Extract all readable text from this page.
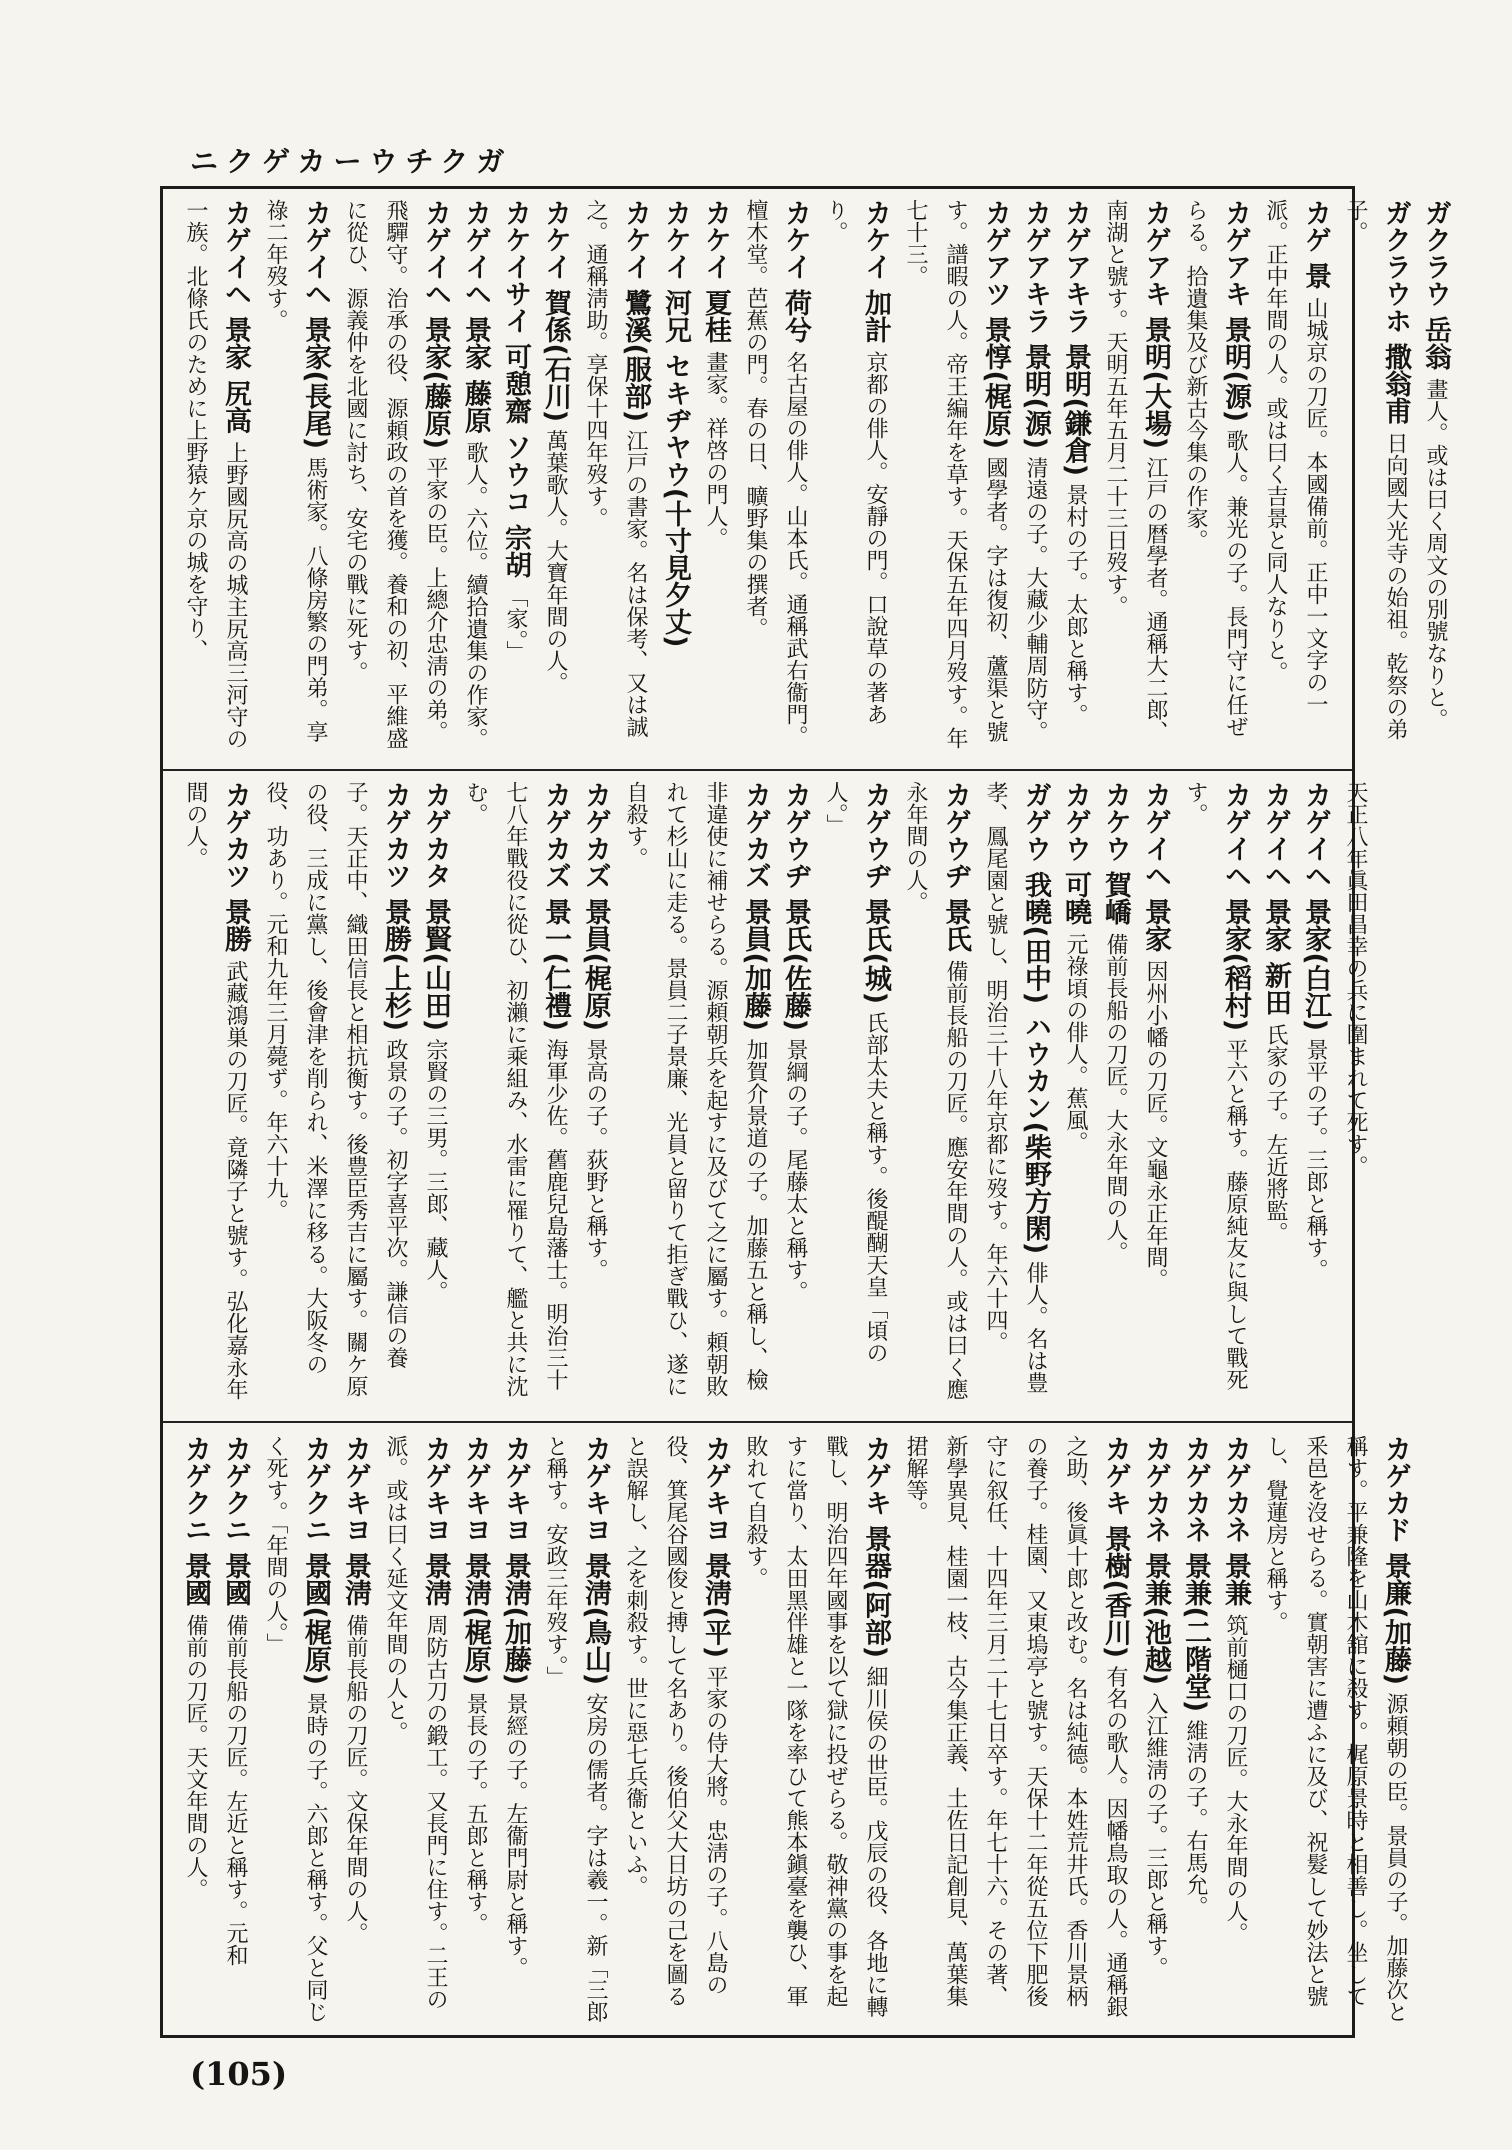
ニクゲカーウチクガ
ガクラウ 岳翁 畫人。或は曰く周文の別號なりと。
ガクラウホ 撒翁甫 日向國大光寺の始祖。乾祭の弟子。
カゲ 景 山城京の刀匠。本國備前。正中一文字の一派。正中年間の人。或は曰く吉景と同人なりと。
カゲアキ 景明(源) 歌人。兼光の子。長門守に任ぜらる。拾遺集及び新古今集の作家。
カゲアキ 景明(大場) 江戸の暦學者。通稱大二郎、南湖と號す。天明五年五月二十三日歿す。
カゲアキラ 景明(鎌倉) 景村の子。太郎と稱す。
カゲアキラ 景明(源) 清遠の子。大藏少輔周防守。
カゲアツ 景惇(梶原) 國學者。字は復初、蘆渠と號す。譜暇の人。帝王編年を草す。天保五年四月歿す。年七十三。
カケイ 加計 京都の俳人。安靜の門。口說草の著あり。
カケイ 荷兮 名古屋の俳人。山本氏。通稱武右衞門。檀木堂。芭蕉の門。春の日、曠野集の撰者。
カケイ 夏桂 畫家。祥啓の門人。
カケイ 河兄 セキヂヤウ(十寸見夕丈)
カケイ 鷺溪(服部) 江戸の書家。名は保考、又は誠之。通稱淸助。享保十四年歿す。
カケイ 賀係(石川) 萬葉歌人。大寶年間の人。
カケイサイ 可憩齋 ソウコ 宗胡 「家。」
カゲイヘ 景家 藤原 歌人。六位。續拾遺集の作家。
カゲイヘ 景家(藤原) 平家の臣。上總介忠淸の弟。飛驒守。治承の役、源頼政の首を獲。養和の初、平維盛に從ひ、源義仲を北國に討ち、安宅の戰に死す。
カゲイヘ 景家(長尾) 馬術家。八條房繁の門弟。享祿二年歿す。
カゲイヘ 景家 尻高 上野國尻高の城主尻高三河守の一族。北條氏のために上野猿ケ京の城を守り、
天正八年眞田昌幸の兵に圍まれて死す。
カゲイヘ 景家(白江) 景平の子。三郎と稱す。
カゲイヘ 景家 新田 氏家の子。左近將監。
カゲイヘ 景家(稻村) 平六と稱す。藤原純友に與して戰死す。
カゲイヘ 景家 因州小幡の刀匠。文龜永正年間。
カケウ 賀嶠 備前長船の刀匠。大永年間の人。
カゲウ 可曉 元祿頃の俳人。蕉風。
ガゲウ 我曉(田中) ハウカン(柴野方閑) 俳人。名は豊孝、鳳尾園と號し、明治三十八年京都に歿す。年六十四。
カゲウヂ 景氏 備前長船の刀匠。應安年間の人。或は曰く應永年間の人。
カゲウヂ 景氏(城) 氏部太夫と稱す。後醍醐天皇「頃の人。」
カゲウヂ 景氏(佐藤) 景綱の子。尾藤太と稱す。
カゲカズ 景員(加藤) 加賀介景道の子。加藤五と稱し、檢非違使に補せらる。源頼朝兵を起すに及びて之に屬す。頼朝敗れて杉山に走る。景員二子景廉、光員と留りて拒ぎ戰ひ、遂に自殺す。
カゲカズ 景員(梶原) 景高の子。荻野と稱す。
カゲカズ 景一(仁禮) 海軍少佐。舊鹿兒島藩士。明治三十七八年戰役に從ひ、初瀨に乘組み、水雷に罹りて、艦と共に沈む。
カゲカタ 景賢(山田) 宗賢の三男。三郎、藏人。
カゲカツ 景勝(上杉) 政景の子。初字喜平次。謙信の養子。天正中、織田信長と相抗衡す。後豊臣秀吉に屬す。關ケ原の役、三成に黨し、後會津を削られ、米澤に移る。大阪冬の役、功あり。元和九年三月薨ず。年六十九。
カゲカツ 景勝 武藏鴻巣の刀匠。竟隣子と號す。弘化嘉永年間の人。
カゲカド 景廉(加藤) 源頼朝の臣。景員の子。加藤次と稱す。平兼隆を山木舘に殺す。梶原景時と相善し。坐して釆邑を沒せらる。實朝害に遭ふに及び、祝髮して妙法と號し、覺蓮房と稱す。
カゲカネ 景兼 筑前樋口の刀匠。大永年間の人。
カゲカネ 景兼(二階堂) 維淸の子。右馬允。
カゲカネ 景兼(池越) 入江維淸の子。三郎と稱す。
カゲキ 景樹(香川) 有名の歌人。因幡鳥取の人。通稱銀之助、後眞十郎と改む。名は純德。本姓荒井氏。香川景柄の養子。桂園、又東塢亭と號す。天保十二年從五位下肥後守に叙任、十四年三月二十七日卒す。年七十六。その著、新學異見、桂園一枝、古今集正義、土佐日記創見、萬葉集捃解等。
カゲキ 景器(阿部) 細川侯の世臣。戊辰の役、各地に轉戰し、明治四年國事を以て獄に投ぜらる。敬神黨の事を起すに當り、太田黑伴雄と一隊を率ひて熊本鎭臺を襲ひ、軍敗れて自殺す。
カゲキヨ 景淸(平) 平家の侍大將。忠淸の子。八島の役、箕尾谷國俊と搏して名あり。後伯父大日坊の己を圖ると誤解し、之を刺殺す。世に惡七兵衞といふ。
カゲキヨ 景淸(鳥山) 安房の儒者。字は羲一。新「三郎と稱す。安政三年歿す。」
カゲキヨ 景淸(加藤) 景經の子。左衞門尉と稱す。
カゲキヨ 景淸(梶原) 景長の子。五郎と稱す。
カゲキヨ 景淸 周防古刀の鍛工。又長門に住す。二王の派。或は曰く延文年間の人と。
カゲキヨ 景淸 備前長船の刀匠。文保年間の人。
カゲクニ 景國(梶原) 景時の子。六郎と稱す。父と同じく死す。「年間の人。」
カゲクニ 景國 備前長船の刀匠。左近と稱す。元和
カゲクニ 景國 備前の刀匠。天文年間の人。
(105)
